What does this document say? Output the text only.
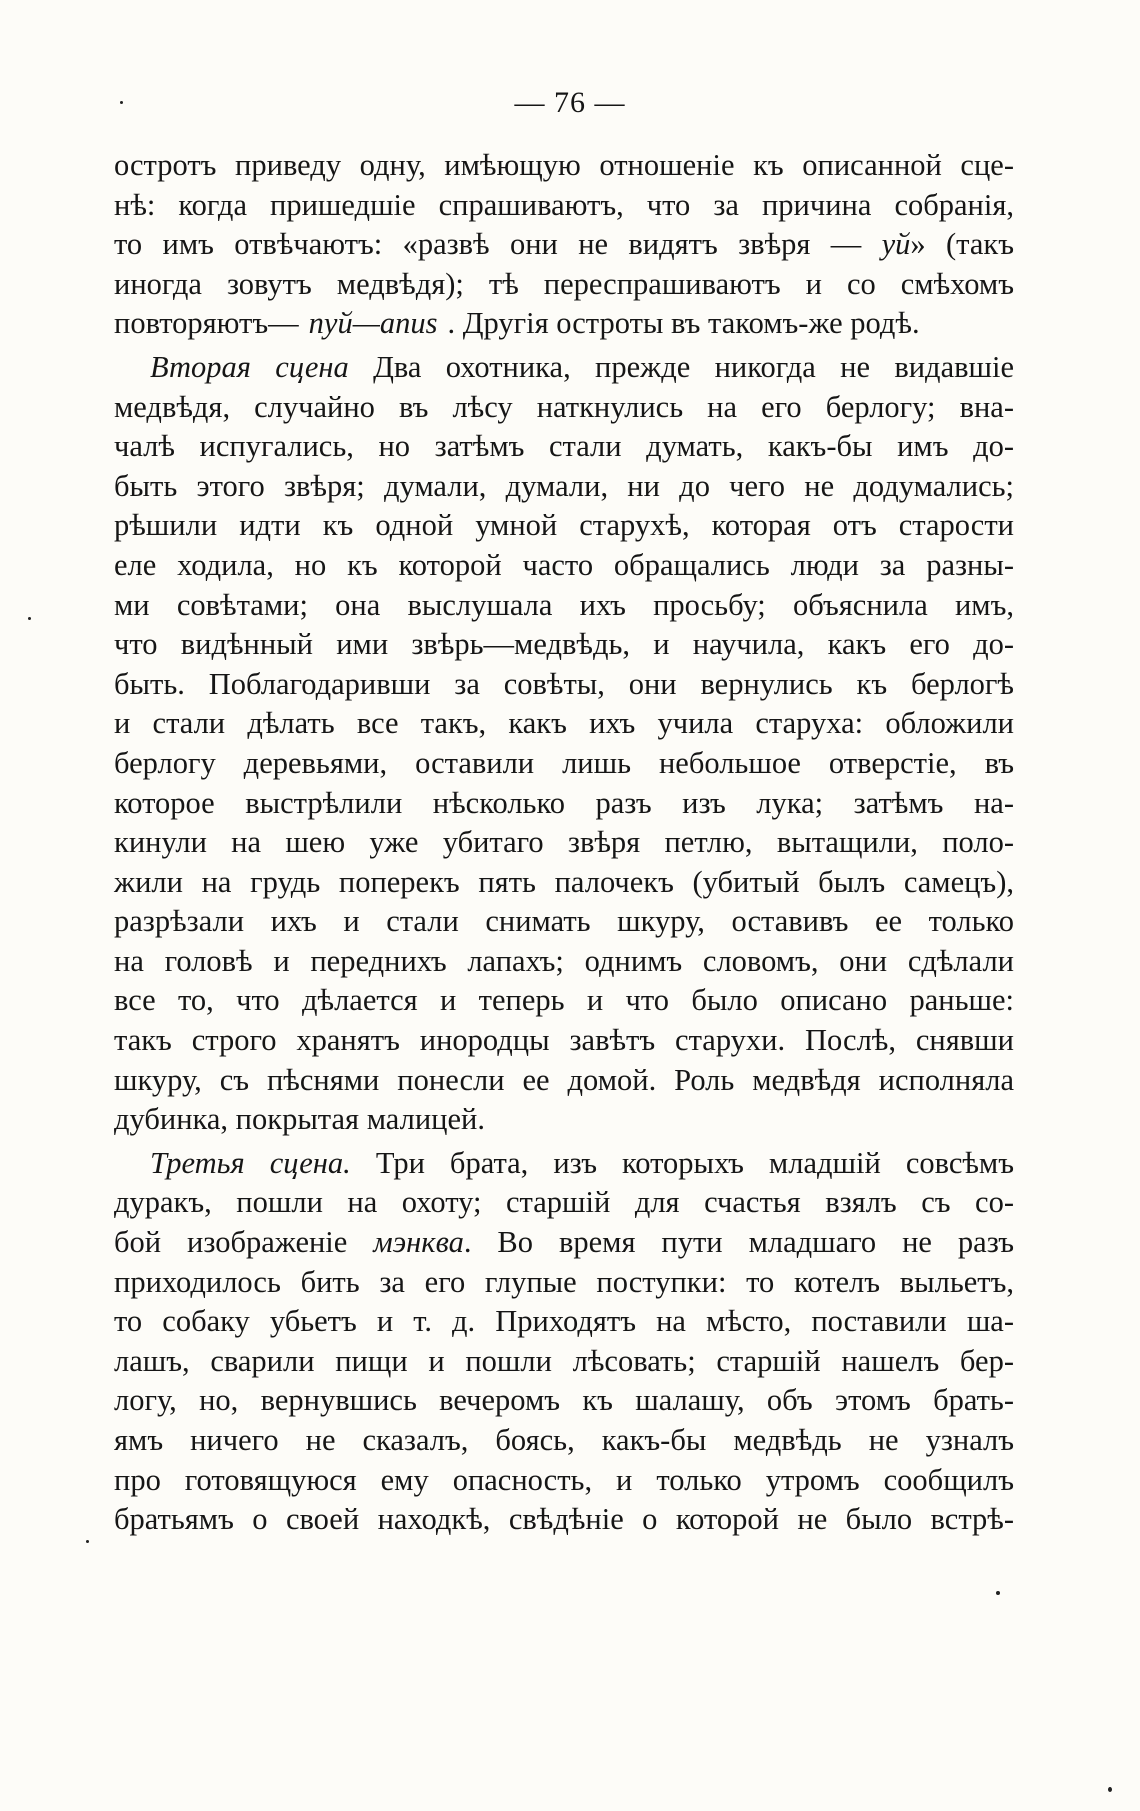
— 76 —
остротъ приведу одну, имѣющую отношеніе къ описанной сце-
нѣ: когда пришедшіе спрашиваютъ, что за причина собранія,
то имъ отвѣчаютъ: «развѣ они не видятъ звѣря — уй» (такъ
иногда зовутъ медвѣдя); тѣ переспрашиваютъ и со смѣхомъ
повторяютъ— пуй—апиѕ . Другія остроты въ такомъ-же родѣ.
Вторая сцена Два охотника, прежде никогда не видавшіе
медвѣдя, случайно въ лѣсу наткнулись на его берлогу; вна-
чалѣ испугались, но затѣмъ стали думать, какъ-бы имъ до-
быть этого звѣря; думали, думали, ни до чего не додумались;
рѣшили идти къ одной умной старухѣ, которая отъ старости
еле ходила, но къ которой часто обращались люди за разны-
ми совѣтами; она выслушала ихъ просьбу; объяснила имъ,
что видѣнный ими звѣрь—медвѣдь, и научила, какъ его до-
быть. Поблагодаривши за совѣты, они вернулись къ берлогѣ
и стали дѣлать все такъ, какъ ихъ учила старуха: обложили
берлогу деревьями, оставили лишь небольшое отверстіе, въ
которое выстрѣлили нѣсколько разъ изъ лука; затѣмъ на-
кинули на шею уже убитаго звѣря петлю, вытащили, поло-
жили на грудь поперекъ пять палочекъ (убитый былъ самецъ),
разрѣзали ихъ и стали снимать шкуру, оставивъ ее только
на головѣ и переднихъ лапахъ; однимъ словомъ, они сдѣлали
все то, что дѣлается и теперь и что было описано раньше:
такъ строго хранятъ инородцы завѣтъ старухи. Послѣ, снявши
шкуру, съ пѣснями понесли ее домой. Роль медвѣдя исполняла
дубинка, покрытая малицей.
Третья сцена. Три брата, изъ которыхъ младшій совсѣмъ
дуракъ, пошли на охоту; старшій для счастья взялъ съ со-
бой изображеніе мэнква. Во время пути младшаго не разъ
приходилось бить за его глупые поступки: то котелъ выльетъ,
то собаку убьетъ и т. д. Приходятъ на мѣсто, поставили ша-
лашъ, сварили пищи и пошли лѣсовать; старшій нашелъ бер-
логу, но, вернувшись вечеромъ къ шалашу, объ этомъ брать-
ямъ ничего не сказалъ, боясь, какъ-бы медвѣдь не узналъ
про готовящуюся ему опасность, и только утромъ сообщилъ
братьямъ о своей находкѣ, свѣдѣніе о которой не было встрѣ-
